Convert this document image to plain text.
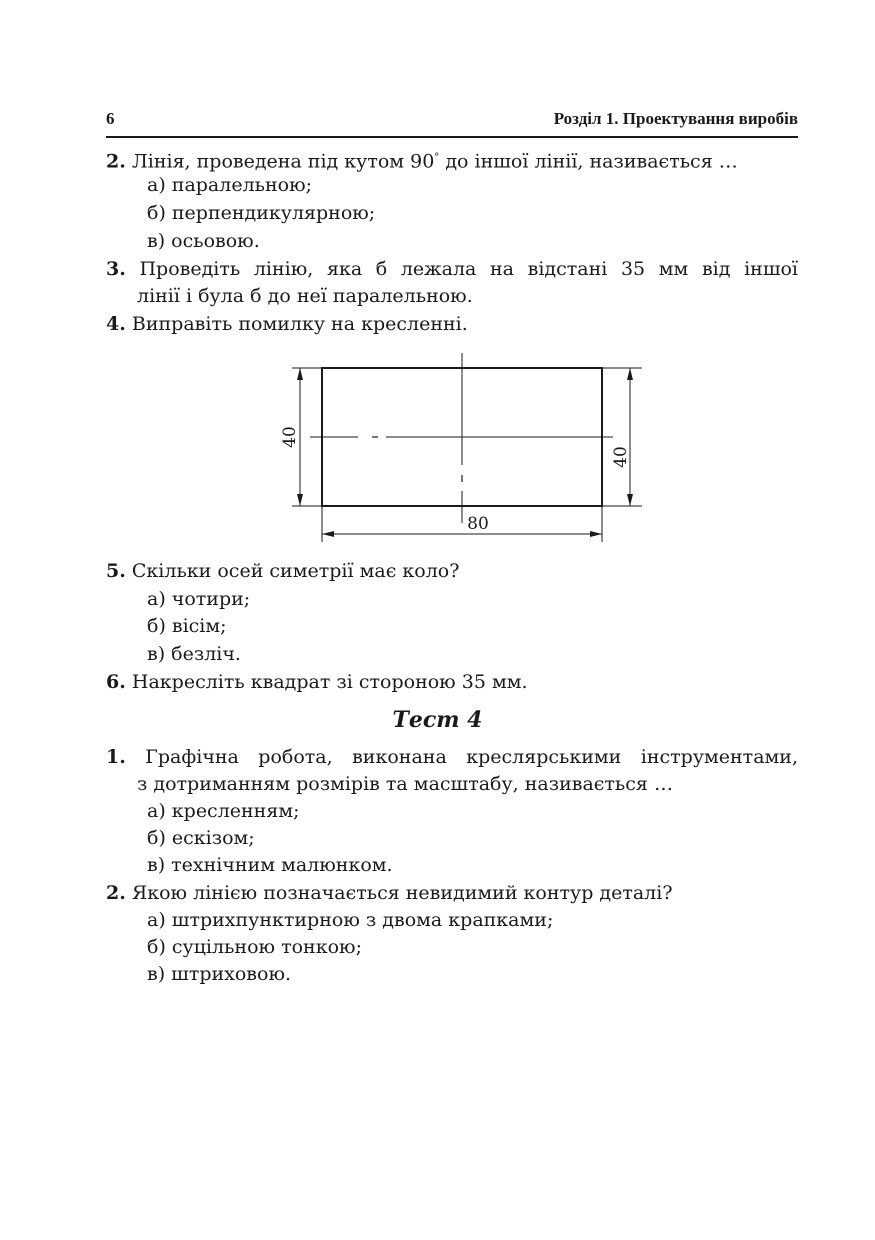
6	Розділ 1. Проектування виробів
2. Лінія, проведена під кутом 90° до іншої лінії, називається …
а) паралельною;
б) перпендикулярною;
в) осьовою.
3. Проведіть лінію, яка б лежала на відстані 35 мм від іншої
лінії і була б до неї паралельною.
4. Виправіть помилку на кресленні.
40
40
80
5. Скільки осей симетрії має коло?
а) чотири;
б) вісім;
в) безліч.
6. Накресліть квадрат зі стороною 35 мм.
Тест 4
1. Графічна робота, виконана креслярськими інструментами,
з дотриманням розмірів та масштабу, називається …
а) кресленням;
б) ескізом;
в) технічним малюнком.
2. Якою лінією позначається невидимий контур деталі?
а) штрихпунктирною з двома крапками;
б) суцільною тонкою;
в) штриховою.
